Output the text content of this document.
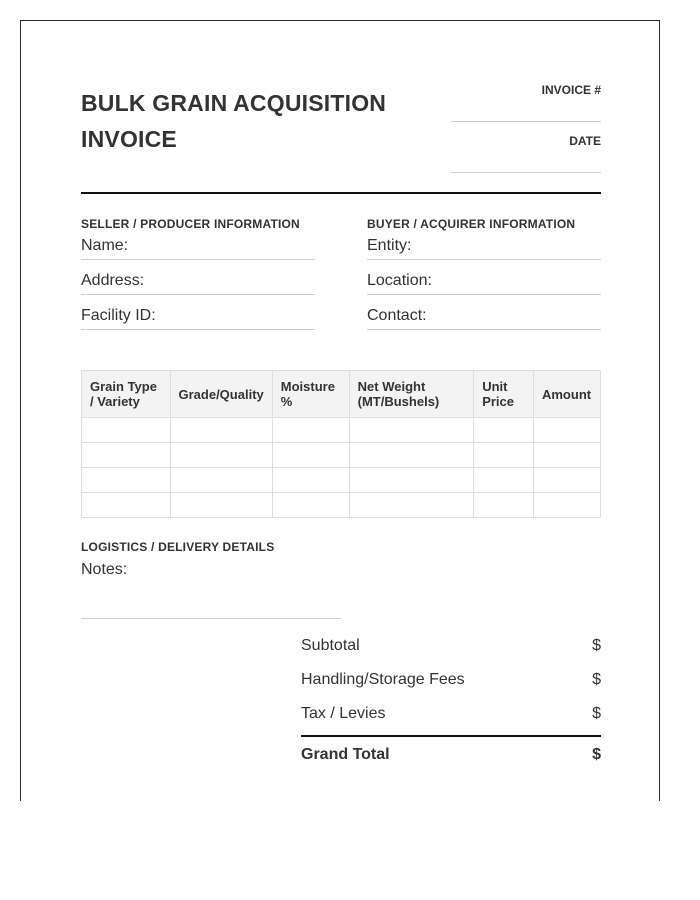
BULK GRAIN ACQUISITION
INVOICE
INVOICE #
DATE
SELLER / PRODUCER INFORMATION
Name:
Address:
Facility ID:
BUYER / ACQUIRER INFORMATION
Entity:
Location:
Contact:
Grain Type / Variety	Grade/Quality	Moisture %	Net Weight (MT/Bushels)	Unit Price	Amount

LOGISTICS / DELIVERY DETAILS
Notes:
Subtotal	$
Handling/Storage Fees	$
Tax / Levies	$
Grand Total	$
